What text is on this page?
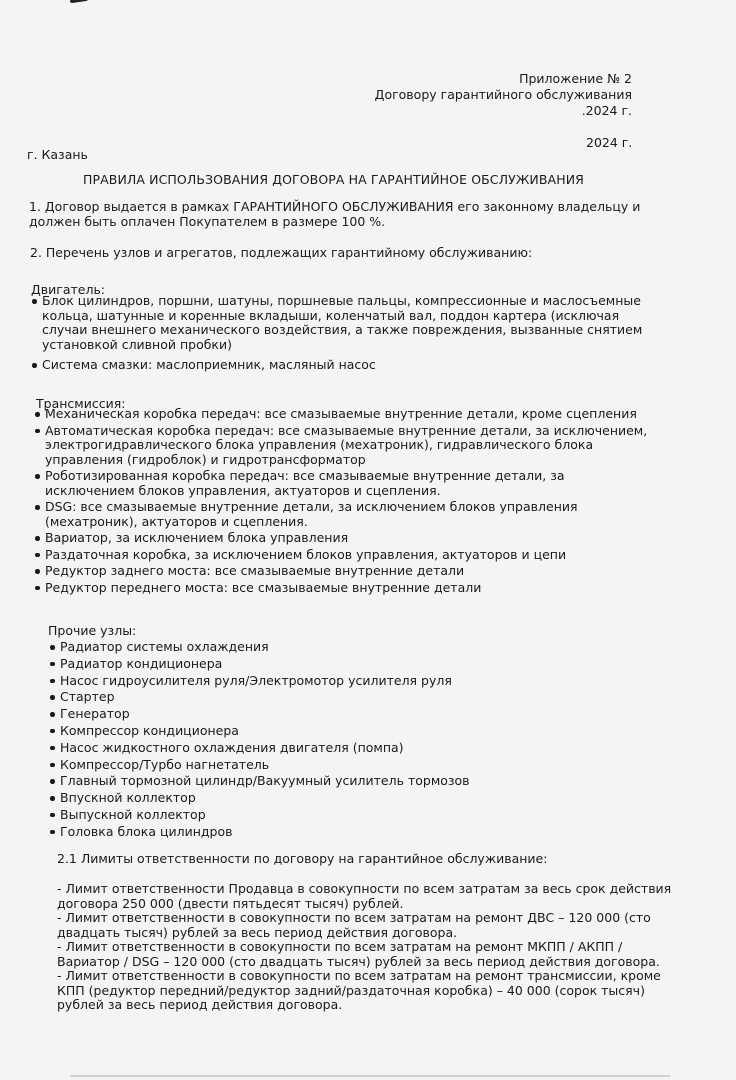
Приложение № 2
Договору гарантийного обслуживания
.2024 г.
2024 г.
г. Казань
ПРАВИЛА ИСПОЛЬЗОВАНИЯ ДОГОВОРА НА ГАРАНТИЙНОЕ ОБСЛУЖИВАНИЯ
1. Договор выдается в рамках ГАРАНТИЙНОГО ОБСЛУЖИВАНИЯ его законному владельцу и
должен быть оплачен Покупателем в размере 100 %.
2. Перечень узлов и агрегатов, подлежащих гарантийному обслуживанию:
Двигатель:
Блок цилиндров, поршни, шатуны, поршневые пальцы, компрессионные и маслосъемные
кольца, шатунные и коренные вкладыши, коленчатый вал, поддон картера (исключая
случаи внешнего механического воздействия, а также повреждения, вызванные снятием
установкой сливной пробки)
Система смазки: маслоприемник, масляный насос
Трансмиссия:
Механическая коробка передач: все смазываемые внутренние детали, кроме сцепления
Автоматическая коробка передач: все смазываемые внутренние детали, за исключением,
электрогидравлического блока управления (мехатроник), гидравлического блока
управления (гидроблок) и гидротрансформатор
Роботизированная коробка передач: все смазываемые внутренние детали, за
исключением блоков управления, актуаторов и сцепления.
DSG: все смазываемые внутренние детали, за исключением блоков управления
(мехатроник), актуаторов и сцепления.
Вариатор, за исключением блока управления
Раздаточная коробка, за исключением блоков управления, актуаторов и цепи
Редуктор заднего моста: все смазываемые внутренние детали
Редуктор переднего моста: все смазываемые внутренние детали
Прочие узлы:
Радиатор системы охлаждения
Радиатор кондиционера
Насос гидроусилителя руля/Электромотор усилителя руля
Стартер
Генератор
Компрессор кондиционера
Насос жидкостного охлаждения двигателя (помпа)
Компрессор/Турбо нагнетатель
Главный тормозной цилиндр/Вакуумный усилитель тормозов
Впускной коллектор
Выпускной коллектор
Головка блока цилиндров
2.1 Лимиты ответственности по договору на гарантийное обслуживание:
- Лимит ответственности Продавца в совокупности по всем затратам за весь срок действия
договора 250 000 (двести пятьдесят тысяч) рублей.
- Лимит ответственности в совокупности по всем затратам на ремонт ДВС – 120 000 (сто
двадцать тысяч) рублей за весь период действия договора.
- Лимит ответственности в совокупности по всем затратам на ремонт МКПП / АКПП /
Вариатор / DSG – 120 000 (сто двадцать тысяч) рублей за весь период действия договора.
- Лимит ответственности в совокупности по всем затратам на ремонт трансмиссии, кроме
КПП (редуктор передний/редуктор задний/раздаточная коробка) – 40 000 (сорок тысяч)
рублей за весь период действия договора.
